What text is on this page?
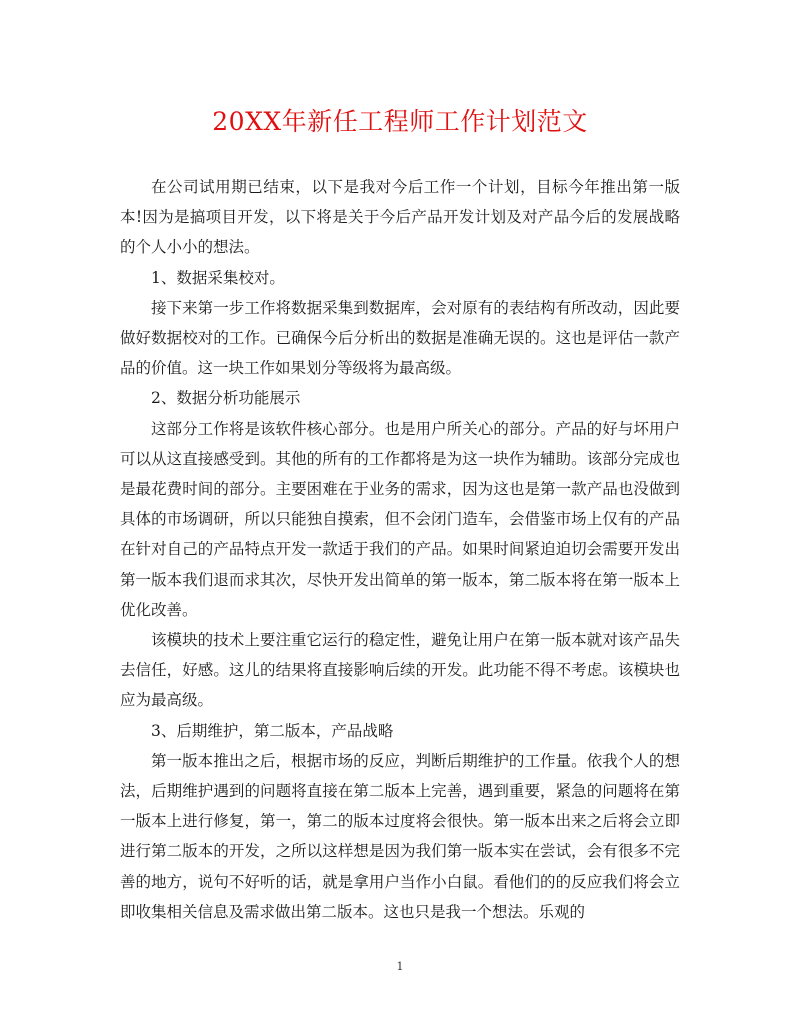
20XX年新任工程师工作计划范文

在公司试用期已结束，以下是我对今后工作一个计划，目标今年推出第一版本!因为是搞项目开发，以下将是关于今后产品开发计划及对产品今后的发展战略的个人小小的想法。

1、数据采集校对。

接下来第一步工作将数据采集到数据库，会对原有的表结构有所改动，因此要做好数据校对的工作。已确保今后分析出的数据是准确无误的。这也是评估一款产品的价值。这一块工作如果划分等级将为最高级。

2、数据分析功能展示

这部分工作将是该软件核心部分。也是用户所关心的部分。产品的好与坏用户可以从这直接感受到。其他的所有的工作都将是为这一块作为辅助。该部分完成也是最花费时间的部分。主要困难在于业务的需求，因为这也是第一款产品也没做到具体的市场调研，所以只能独自摸索，但不会闭门造车，会借鉴市场上仅有的产品在针对自己的产品特点开发一款适于我们的产品。如果时间紧迫迫切会需要开发出第一版本我们退而求其次，尽快开发出简单的第一版本，第二版本将在第一版本上优化改善。

该模块的技术上要注重它运行的稳定性，避免让用户在第一版本就对该产品失去信任，好感。这儿的结果将直接影响后续的开发。此功能不得不考虑。该模块也应为最高级。

3、后期维护，第二版本，产品战略

第一版本推出之后，根据市场的反应，判断后期维护的工作量。依我个人的想法，后期维护遇到的问题将直接在第二版本上完善，遇到重要，紧急的问题将在第一版本上进行修复，第一，第二的版本过度将会很快。第一版本出来之后将会立即进行第二版本的开发，之所以这样想是因为我们第一版本实在尝试，会有很多不完善的地方，说句不好听的话，就是拿用户当作小白鼠。看他们的的反应我们将会立即收集相关信息及需求做出第二版本。这也只是我一个想法。乐观的

1
